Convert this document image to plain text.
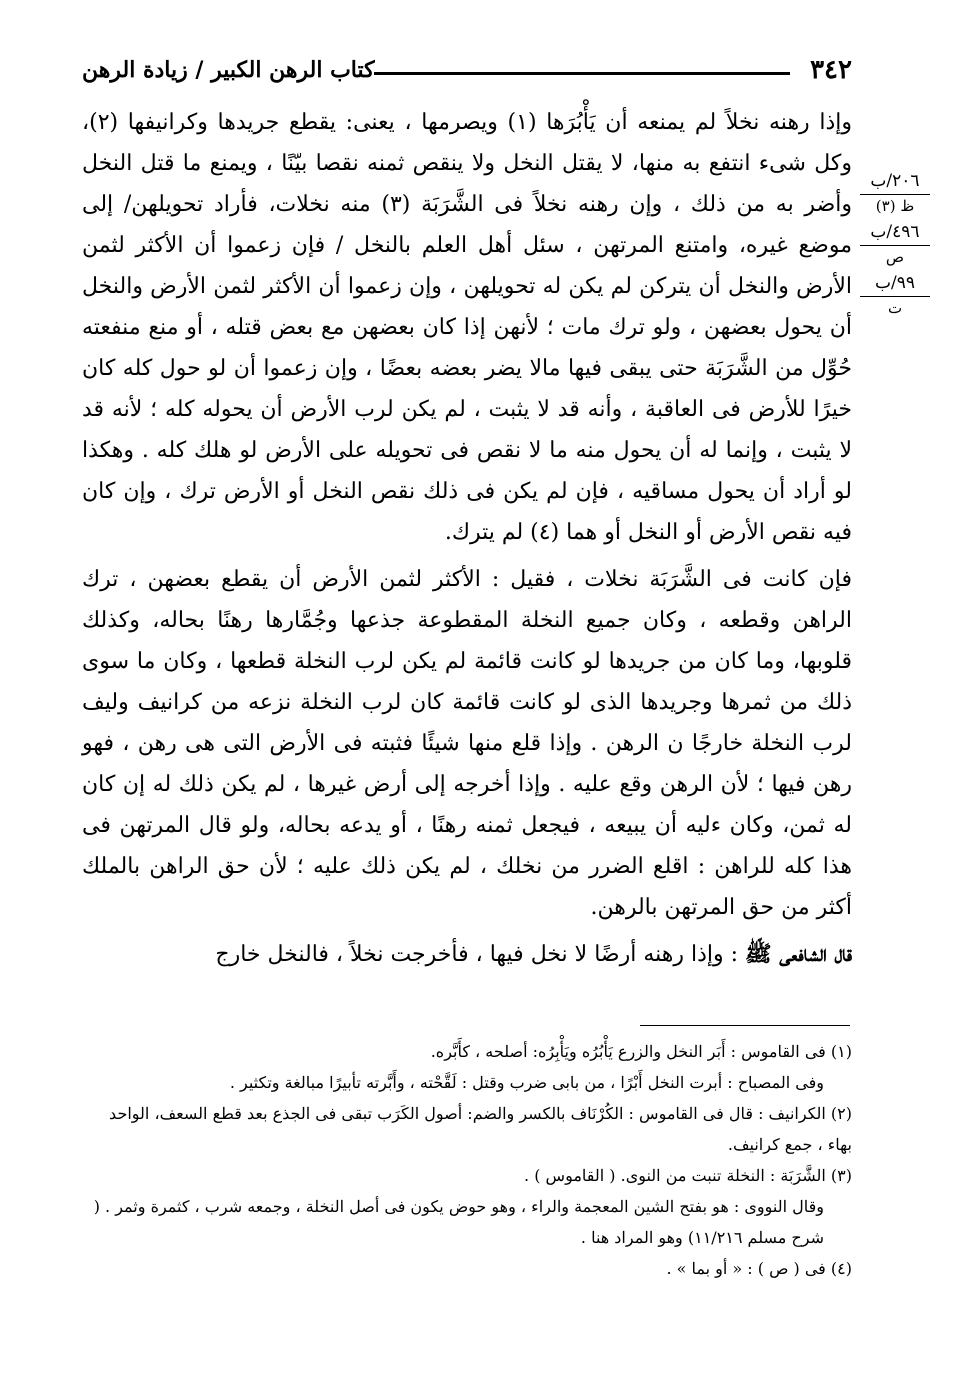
٣٤٢
كتاب الرهن الكبير / زيادة الرهن
٢٠٦/ب
ظ (٣)
٤٩٦/ب
ص
٩٩/ب
ت

وإذا رهنه نخلاً لم يمنعه أن يَأْبُرَها (١) ويصرمها ، يعنى: يقطع جريدها وكرانيفها (٢)، وكل شىء انتفع به منها، لا يقتل النخل ولا ينقص ثمنه نقصا بيّنًا ، ويمنع ما قتل النخل وأضر به من ذلك ، وإن رهنه نخلاً فى الشَّرَبَة (٣) منه نخلات، فأراد تحويلهن/ إلى موضع غيره، وامتنع المرتهن ، سئل أهل العلم بالنخل / فإن زعموا أن الأكثر لثمن الأرض والنخل أن يتركن لم يكن له تحويلهن ، وإن زعموا أن الأكثر لثمن الأرض والنخل أن يحول بعضهن ، ولو ترك مات ؛ لأنهن إذا كان بعضهن مع بعض قتله ، أو منع منفعته حُوِّل من الشَّرَبَة حتى يبقى فيها مالا يضر بعضه بعضًا ، وإن زعموا أن لو حول كله كان خيرًا للأرض فى العاقبة ، وأنه قد لا يثبت ، لم يكن لرب الأرض أن يحوله كله ؛ لأنه قد لا يثبت ، وإنما له أن يحول منه ما لا نقص فى تحويله على الأرض لو هلك كله . وهكذا لو أراد أن يحول مساقيه ، فإن لم يكن فى ذلك نقص النخل أو الأرض ترك ، وإن كان فيه نقص الأرض أو النخل أو هما (٤) لم يترك.

فإن كانت فى الشَّرَبَة نخلات ، فقيل : الأكثر لثمن الأرض أن يقطع بعضهن ، ترك الراهن وقطعه ، وكان جميع النخلة المقطوعة جذعها وجُمَّارها رهنًا بحاله، وكذلك قلوبها، وما كان من جريدها لو كانت قائمة لم يكن لرب النخلة قطعها ، وكان ما سوى ذلك من ثمرها وجريدها الذى لو كانت قائمة كان لرب النخلة نزعه من كرانيف وليف لرب النخلة خارجًا ن الرهن . وإذا قلع منها شيئًا فثبته فى الأرض التى هى رهن ، فهو رهن فيها ؛ لأن الرهن وقع عليه . وإذا أخرجه إلى أرض غيرها ، لم يكن ذلك له إن كان له ثمن، وكان ءليه أن يبيعه ، فيجعل ثمنه رهنًا ، أو يدعه بحاله، ولو قال المرتهن فى هذا كله للراهن : اقلع الضرر من نخلك ، لم يكن ذلك عليه ؛ لأن حق الراهن بالملك أكثر من حق المرتهن بالرهن.

قال الشافعى ﷺ : وإذا رهنه أرضًا لا نخل فيها ، فأخرجت نخلاً ، فالنخل خارج

(١) فى القاموس : أَبَر النخل والزرع يَأْبُرُه ويَأْبِرُه: أصلحه ، كأَبَّره.
وفى المصباح : أبرت النخل أَبْرًا ، من بابى ضرب وقتل : لَقَّحْته ، وأَبَّرته تأبيرًا مبالغة وتكثير .
(٢) الكرانيف : قال فى القاموس : الكُرْنَاف بالكسر والضم: أصول الكَرَب تبقى فى الجذع بعد قطع السعف، الواحد بهاء ، جمع كرانيف.
(٣) الشَّرَبَة : النخلة تنبت من النوى. ( القاموس ) .
وقال النووى : هو بفتح الشين المعجمة والراء ، وهو حوض يكون فى أصل النخلة ، وجمعه شرب ، كثمرة وثمر . ( شرح مسلم ١١/٢١٦) وهو المراد هنا .
(٤) فى ( ص ) : « أو بما » .
